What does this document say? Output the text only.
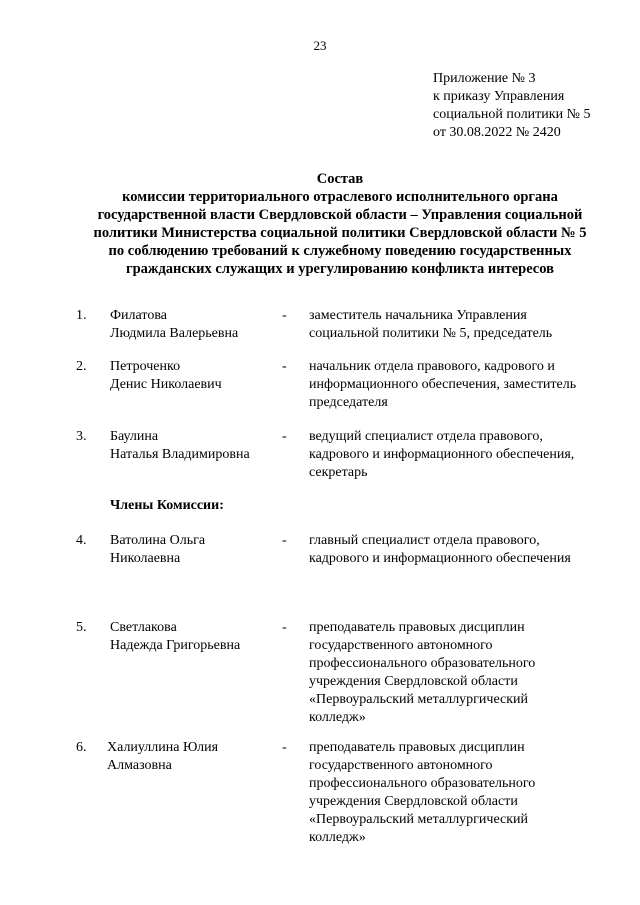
23
Приложение № 3
к приказу Управления
социальной политики № 5
от 30.08.2022 № 2420
Состав
комиссии территориального отраслевого исполнительного органа
государственной власти Свердловской области – Управления социальной
политики Министерства социальной политики Свердловской области № 5
по соблюдению требований к служебному поведению государственных
гражданских служащих и урегулированию конфликта интересов
1. Филатова
Людмила Валерьевна
- заместитель начальника Управления
социальной политики № 5, председатель
2. Петроченко
Денис Николаевич
- начальник отдела правового, кадрового и
информационного обеспечения, заместитель
председателя
3. Баулина
Наталья Владимировна
- ведущий специалист отдела правового,
кадрового и информационного обеспечения,
секретарь
Члены Комиссии:
4. Ватолина Ольга
Николаевна
- главный специалист отдела правового,
кадрового и информационного обеспечения
5. Светлакова
Надежда Григорьевна
- преподаватель правовых дисциплин
государственного автономного
профессионального образовательного
учреждения Свердловской области
«Первоуральский металлургический
колледж»
6. Халиуллина Юлия
Алмазовна
- преподаватель правовых дисциплин
государственного автономного
профессионального образовательного
учреждения Свердловской области
«Первоуральский металлургический
колледж»
